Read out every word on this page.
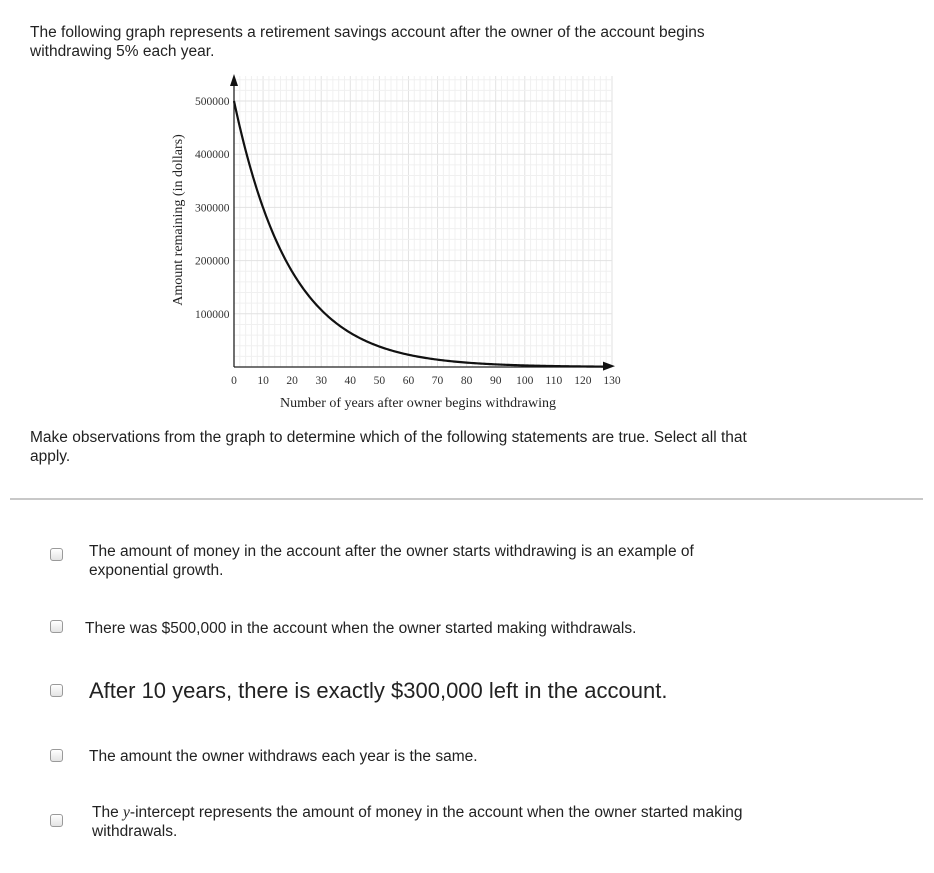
The following graph represents a retirement savings account after the owner of the account begins withdrawing 5% each year.
100000
200000
300000
400000
500000
0 10 20 30 40 50 60 70 80 90 100 110 120 130
Number of years after owner begins withdrawing
Amount remaining (in dollars)
Make observations from the graph to determine which of the following statements are true. Select all that apply.
The amount of money in the account after the owner starts withdrawing is an example of exponential growth.
There was $500,000 in the account when the owner started making withdrawals.
After 10 years, there is exactly $300,000 left in the account.
The amount the owner withdraws each year is the same.
The y-intercept represents the amount of money in the account when the owner started making withdrawals.
